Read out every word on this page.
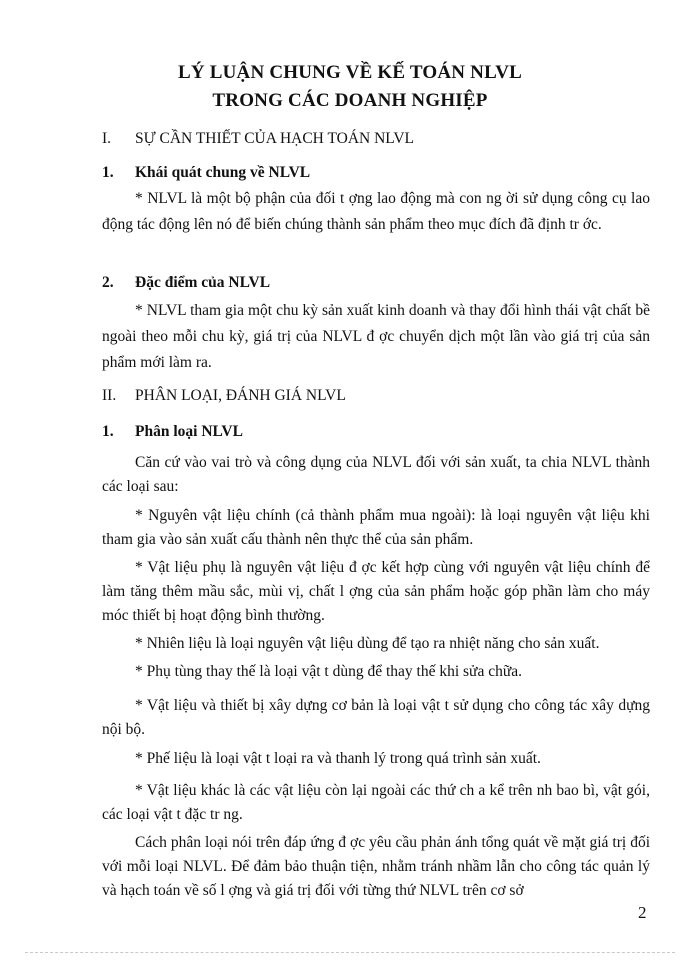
LÝ LUẬN CHUNG VỀ KẾ TOÁN NLVL
TRONG CÁC DOANH NGHIỆP
I. SỰ CẦN THIẾT CỦA HẠCH TOÁN NLVL
1. Khái quát chung về NLVL

* NLVL là một bộ phận của đối t ợng lao động mà con ng ời sử dụng công cụ lao động tác động lên nó để biến chúng thành sản phẩm theo mục đích đã định tr ớc.

2. Đặc điểm của NLVL

* NLVL tham gia một chu kỳ sản xuất kinh doanh và thay đổi hình thái vật chất bề ngoài theo mỗi chu kỳ, giá trị của NLVL đ ợc chuyển dịch một lần vào giá trị của sản phẩm mới làm ra.

II. PHÂN LOẠI, ĐÁNH GIÁ NLVL
1. Phân loại NLVL

Căn cứ vào vai trò và công dụng của NLVL đối với sản xuất, ta chia NLVL thành các loại sau:

* Nguyên vật liệu chính (cả thành phẩm mua ngoài): là loại nguyên vật liệu khi tham gia vào sản xuất cấu thành nên thực thể của sản phẩm.

* Vật liệu phụ là nguyên vật liệu đ ợc kết hợp cùng với nguyên vật liệu chính để làm tăng thêm mầu sắc, mùi vị, chất l ợng của sản phẩm hoặc góp phần làm cho máy móc thiết bị hoạt động bình thường.

* Nhiên liệu là loại nguyên vật liệu dùng để tạo ra nhiệt năng cho sản xuất.

* Phụ tùng thay thế là loại vật t dùng để thay thế khi sửa chữa.

* Vật liệu và thiết bị xây dựng cơ bản là loại vật t sử dụng cho công tác xây dựng nội bộ.

* Phế liệu là loại vật t loại ra và thanh lý trong quá trình sản xuất.

* Vật liệu khác là các vật liệu còn lại ngoài các thứ ch a kể trên nh bao bì, vật gói, các loại vật t đặc tr ng.

Cách phân loại nói trên đáp ứng đ ợc yêu cầu phản ánh tổng quát về mặt giá trị đối với mỗi loại NLVL. Để đảm bảo thuận tiện, nhằm tránh nhầm lẫn cho công tác quản lý và hạch toán về số l ợng và giá trị đối với từng thứ NLVL trên cơ sở

2
